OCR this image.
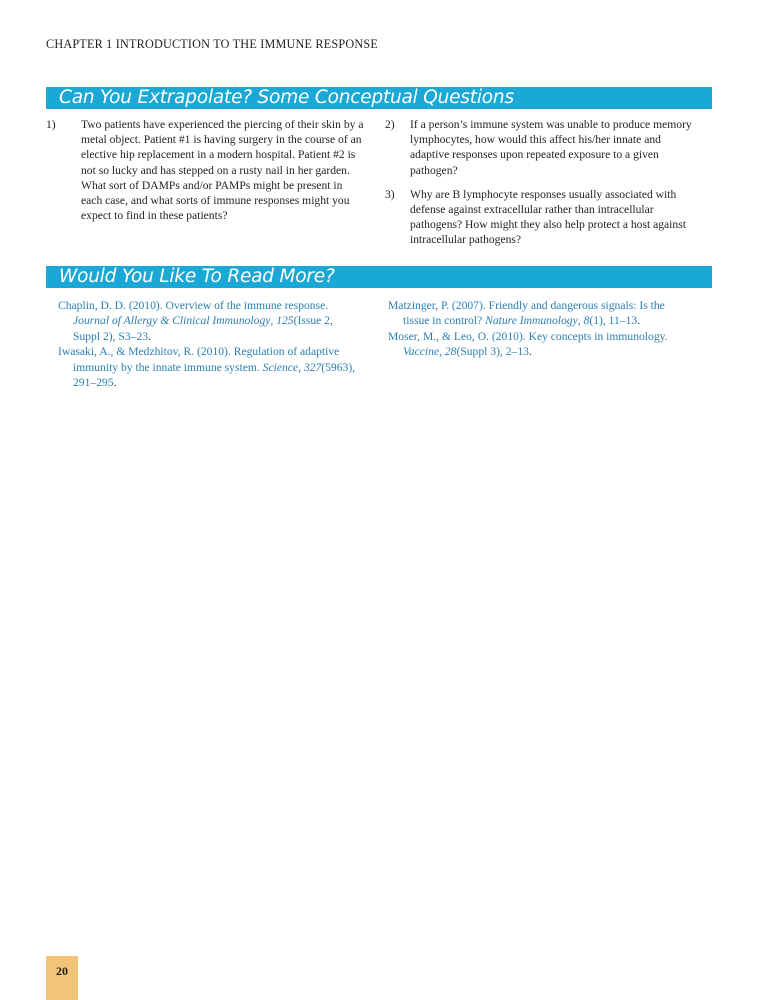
CHAPTER 1 INTRODUCTION TO THE IMMUNE RESPONSE
Can You Extrapolate? Some Conceptual Questions
1) Two patients have experienced the piercing of their skin by a metal object. Patient #1 is having surgery in the course of an elective hip replacement in a modern hospital. Patient #2 is not so lucky and has stepped on a rusty nail in her garden. What sort of DAMPs and/or PAMPs might be present in each case, and what sorts of immune responses might you expect to find in these patients?
2) If a person’s immune system was unable to produce memory lymphocytes, how would this affect his/her innate and adaptive responses upon repeated exposure to a given pathogen?
3) Why are B lymphocyte responses usually associated with defense against extracellular rather than intracellular pathogens? How might they also help protect a host against intracellular pathogens?
Would You Like To Read More?
Chaplin, D. D. (2010). Overview of the immune response. Journal of Allergy & Clinical Immunology, 125(Issue 2, Suppl 2), S3–23.
Iwasaki, A., & Medzhitov, R. (2010). Regulation of adaptive immunity by the innate immune system. Science, 327(5963), 291–295.
Matzinger, P. (2007). Friendly and dangerous signals: Is the tissue in control? Nature Immunology, 8(1), 11–13.
Moser, M., & Leo, O. (2010). Key concepts in immunology. Vaccine, 28(Suppl 3), 2–13.
20
